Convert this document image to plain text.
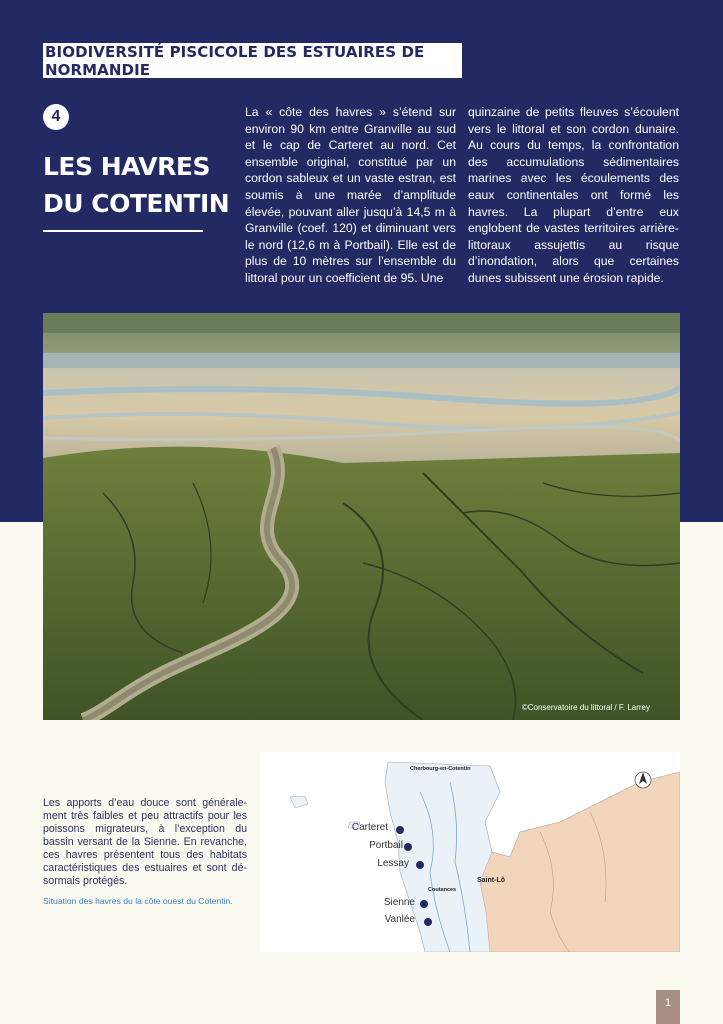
BIODIVERSITÉ PISCICOLE DES ESTUAIRES DE NORMANDIE
4
LES HAVRES
DU COTENTIN
La « côte des havres » s’étend sur environ 90 km entre Granville au sud et le cap de Carteret au nord. Cet ensemble original, constitué par un cordon sableux et un vaste estran, est soumis à une marée d’amplitude élevée, pouvant aller jusqu’à 14,5 m à Granville (coef. 120) et diminuant vers le nord (12,6 m à Portbail). Elle est de plus de 10 mètres sur l’ensemble du littoral pour un coefficient de 95. Une
quinzaine de petits fleuves s’écoulent vers le littoral et son cordon dunaire. Au cours du temps, la confrontation des accumulations sédimentaires marines avec les écoulements des eaux continentales ont formé les havres. La plupart d’entre eux englobent de vastes territoires arrière-littoraux assujettis au risque d’inondation, alors que certaines dunes subissent une érosion rapide.
©Conservatoire du littoral / F. Larrey
Les apports d’eau douce sont générale-ment très faibles et peu attractifs pour les poissons migrateurs, à l’exception du bassin versant de la Sienne. En revanche, ces havres présentent tous des habitats caractéristiques des estuaires et sont dé-sormais protégés.
Situation des havres du la côte ouest du Cotentin.
Carteret
Portbail
Lessay
Sienne
Vanlée
Cherbourg-en-Cotentin
Saint-Lô
Coutances
1
